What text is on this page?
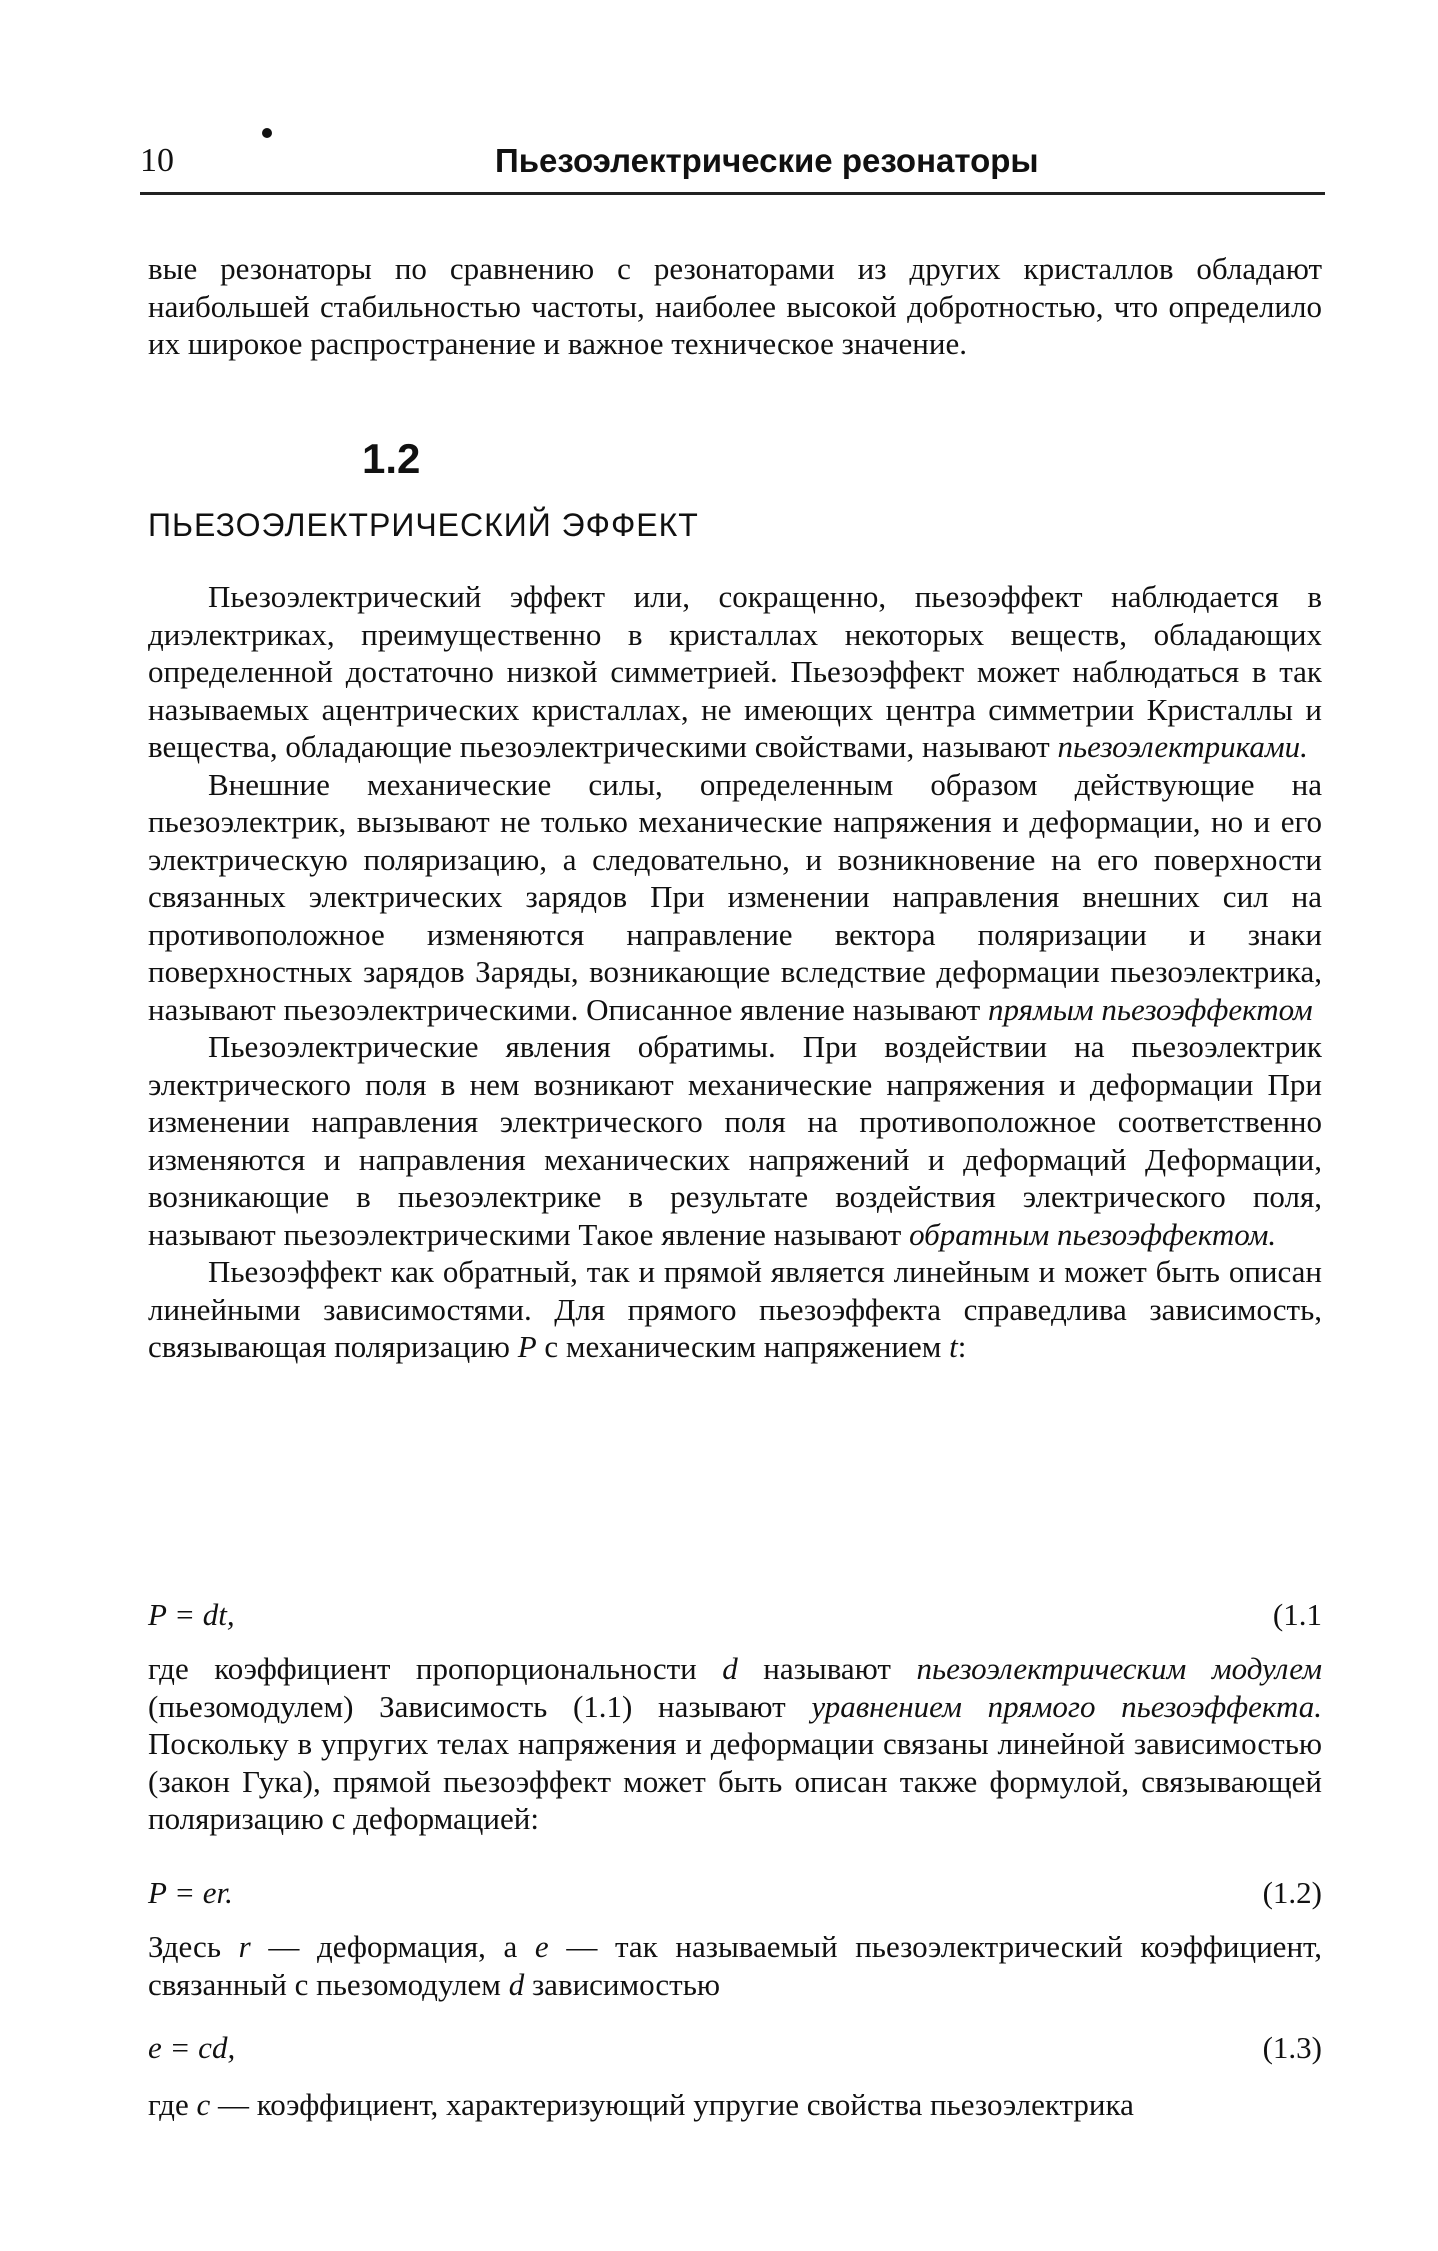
10	Пьезоэлектрические резонаторы

вые резонаторы по сравнению с резонаторами из других кристаллов обладают наибольшей стабильностью частоты, наиболее высокой добротностью, что определило их широкое распространение и важное техническое значение.

1.2
ПЬЕЗОЭЛЕКТРИЧЕСКИЙ ЭФФЕКТ

Пьезоэлектрический эффект или, сокращенно, пьезоэффект наблюдается в диэлектриках, преимущественно в кристаллах некоторых веществ, обладающих определенной достаточно низкой симметрией. Пьезоэффект может наблюдаться в так называемых ацентрических кристаллах, не имеющих центра симметрии Кристаллы и вещества, обладающие пьезоэлектрическими свойствами, называют пьезоэлектриками.

Внешние механические силы, определенным образом действующие на пьезоэлектрик, вызывают не только механические напряжения и деформации, но и его электрическую поляризацию, а следовательно, и возникновение на его поверхности связанных электрических зарядов При изменении направления внешних сил на противоположное изменяются направление вектора поляризации и знаки поверхностных зарядов Заряды, возникающие вследствие деформации пьезоэлектрика, называют пьезоэлектрическими. Описанное явление называют прямым пьезоэффектом

Пьезоэлектрические явления обратимы. При воздействии на пьезоэлектрик электрического поля в нем возникают механические напряжения и деформации При изменении направления электрического поля на противоположное соответственно изменяются и направления механических напряжений и деформаций Деформации, возникающие в пьезоэлектрике в результате воздействия электрического поля, называют пьезоэлектрическими Такое явление называют обратным пьезоэффектом.

Пьезоэффект как обратный, так и прямой является линейным и может быть описан линейными зависимостями. Для прямого пьезоэффекта справедлива зависимость, связывающая поляризацию P с механическим напряжением t:

P = dt,	(1.1

где коэффициент пропорциональности d называют пьезоэлектрическим модулем (пьезомодулем) Зависимость (1.1) называют уравнением прямого пьезоэффекта. Поскольку в упругих телах напряжения и деформации связаны линейной зависимостью (закон Гука), прямой пьезоэффект может быть описан также формулой, связывающей поляризацию с деформацией:

P = er.	(1.2)

Здесь r — деформация, а e — так называемый пьезоэлектрический коэффициент, связанный с пьезомодулем d зависимостью

e = cd,	(1.3)

где c — коэффициент, характеризующий упругие свойства пьезоэлектрика
